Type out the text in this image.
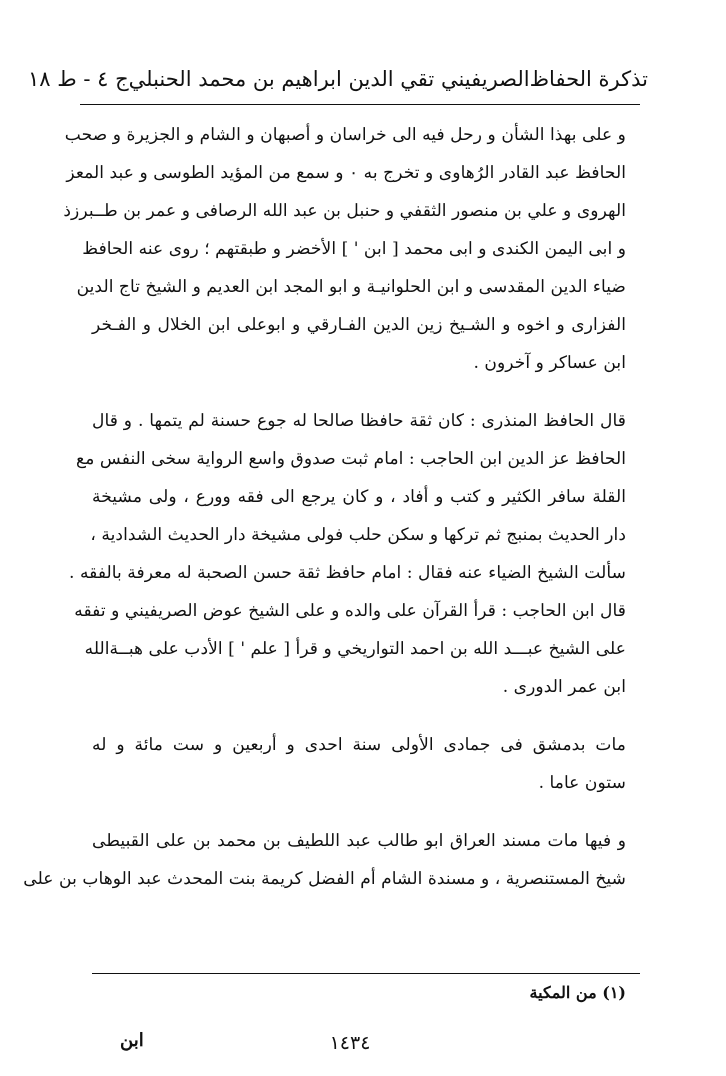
تذكرة الحفاظ
الصريفيني تقي الدين ابراهيم بن محمد الحنبلي
ج ٤ - ط ١٨
و على بهذا الشأن و رحل فيه الى خراسان و أصبهان و الشام و الجزيرة و صحب
الحافظ عبد القادر الرُهاوى و تخرج به ٠ و سمع من المؤيد الطوسى و عبد المعز
الهروى و علي بن منصور الثقفي و حنبل بن عبد الله الرصافى و عمر بن طــبرزذ
و ابى اليمن الكندى و ابى محمد [ ابن ' ] الأخضر و طبقتهم ؛ روى عنه الحافظ
ضياء الدين المقدسى و ابن الحلوانيـة و ابو المجد ابن العديم و الشيخ تاج الدين
الفزارى و اخوه و الشـيخ زين الدين الفـارقي و ابوعلى ابن الخلال و الفـخر
ابن عساكر و آخرون .
قال الحافظ المنذرى : كان ثقة حافظا صالحا له جوع حسنة لم يتمها . و قال
الحافظ عز الدين ابن الحاجب : امام ثبت صدوق واسع الرواية سخى النفس مع
القلة سافر الكثير و كتب و أفاد ، و كان يرجع الى فقه وورع ، ولى مشيخة
دار الحديث بمنبج ثم تركها و سكن حلب فولى مشيخة دار الحديث الشدادية ،
سألت الشيخ الضياء عنه فقال : امام حافظ ثقة حسن الصحبة له معرفة بالفقه .
قال ابن الحاجب : قرأ القرآن على والده و على الشيخ عوض الصريفيني و تفقه
على الشيخ عبـــد الله بن احمد التواريخي و قرأ [ علم ' ] الأدب على هبــةالله
ابن عمر الدورى .
مات بدمشق فى جمادى الأولى سنة احدى و أربعين و ست مائة و له
ستون عاما .
و فيها مات مسند العراق ابو طالب عبد اللطيف بن محمد بن على القبيطى
شيخ المستنصرية ، و مسندة الشام أم الفضل كريمة بنت المحدث عبد الوهاب بن على
(١) من المكية
١٤٣٤
ابن
